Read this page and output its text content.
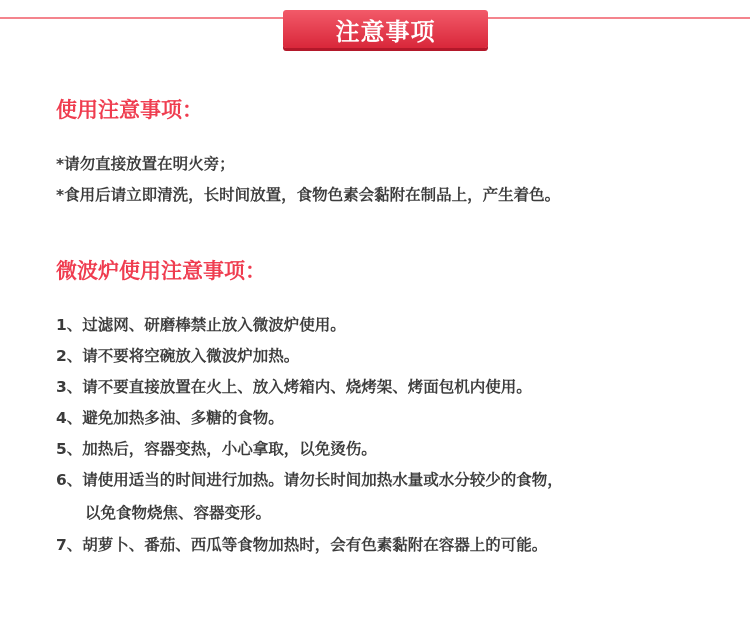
注意事项
使用注意事项：
*请勿直接放置在明火旁；
*食用后请立即清洗，长时间放置，食物色素会黏附在制品上，产生着色。
微波炉使用注意事项：
1、过滤网、研磨棒禁止放入微波炉使用。
2、请不要将空碗放入微波炉加热。
3、请不要直接放置在火上、放入烤箱内、烧烤架、烤面包机内使用。
4、避免加热多油、多糖的食物。
5、加热后，容器变热，小心拿取，以免烫伤。
6、请使用适当的时间进行加热。请勿长时间加热水量或水分较少的食物，
以免食物烧焦、容器变形。
7、胡萝卜、番茄、西瓜等食物加热时，会有色素黏附在容器上的可能。
